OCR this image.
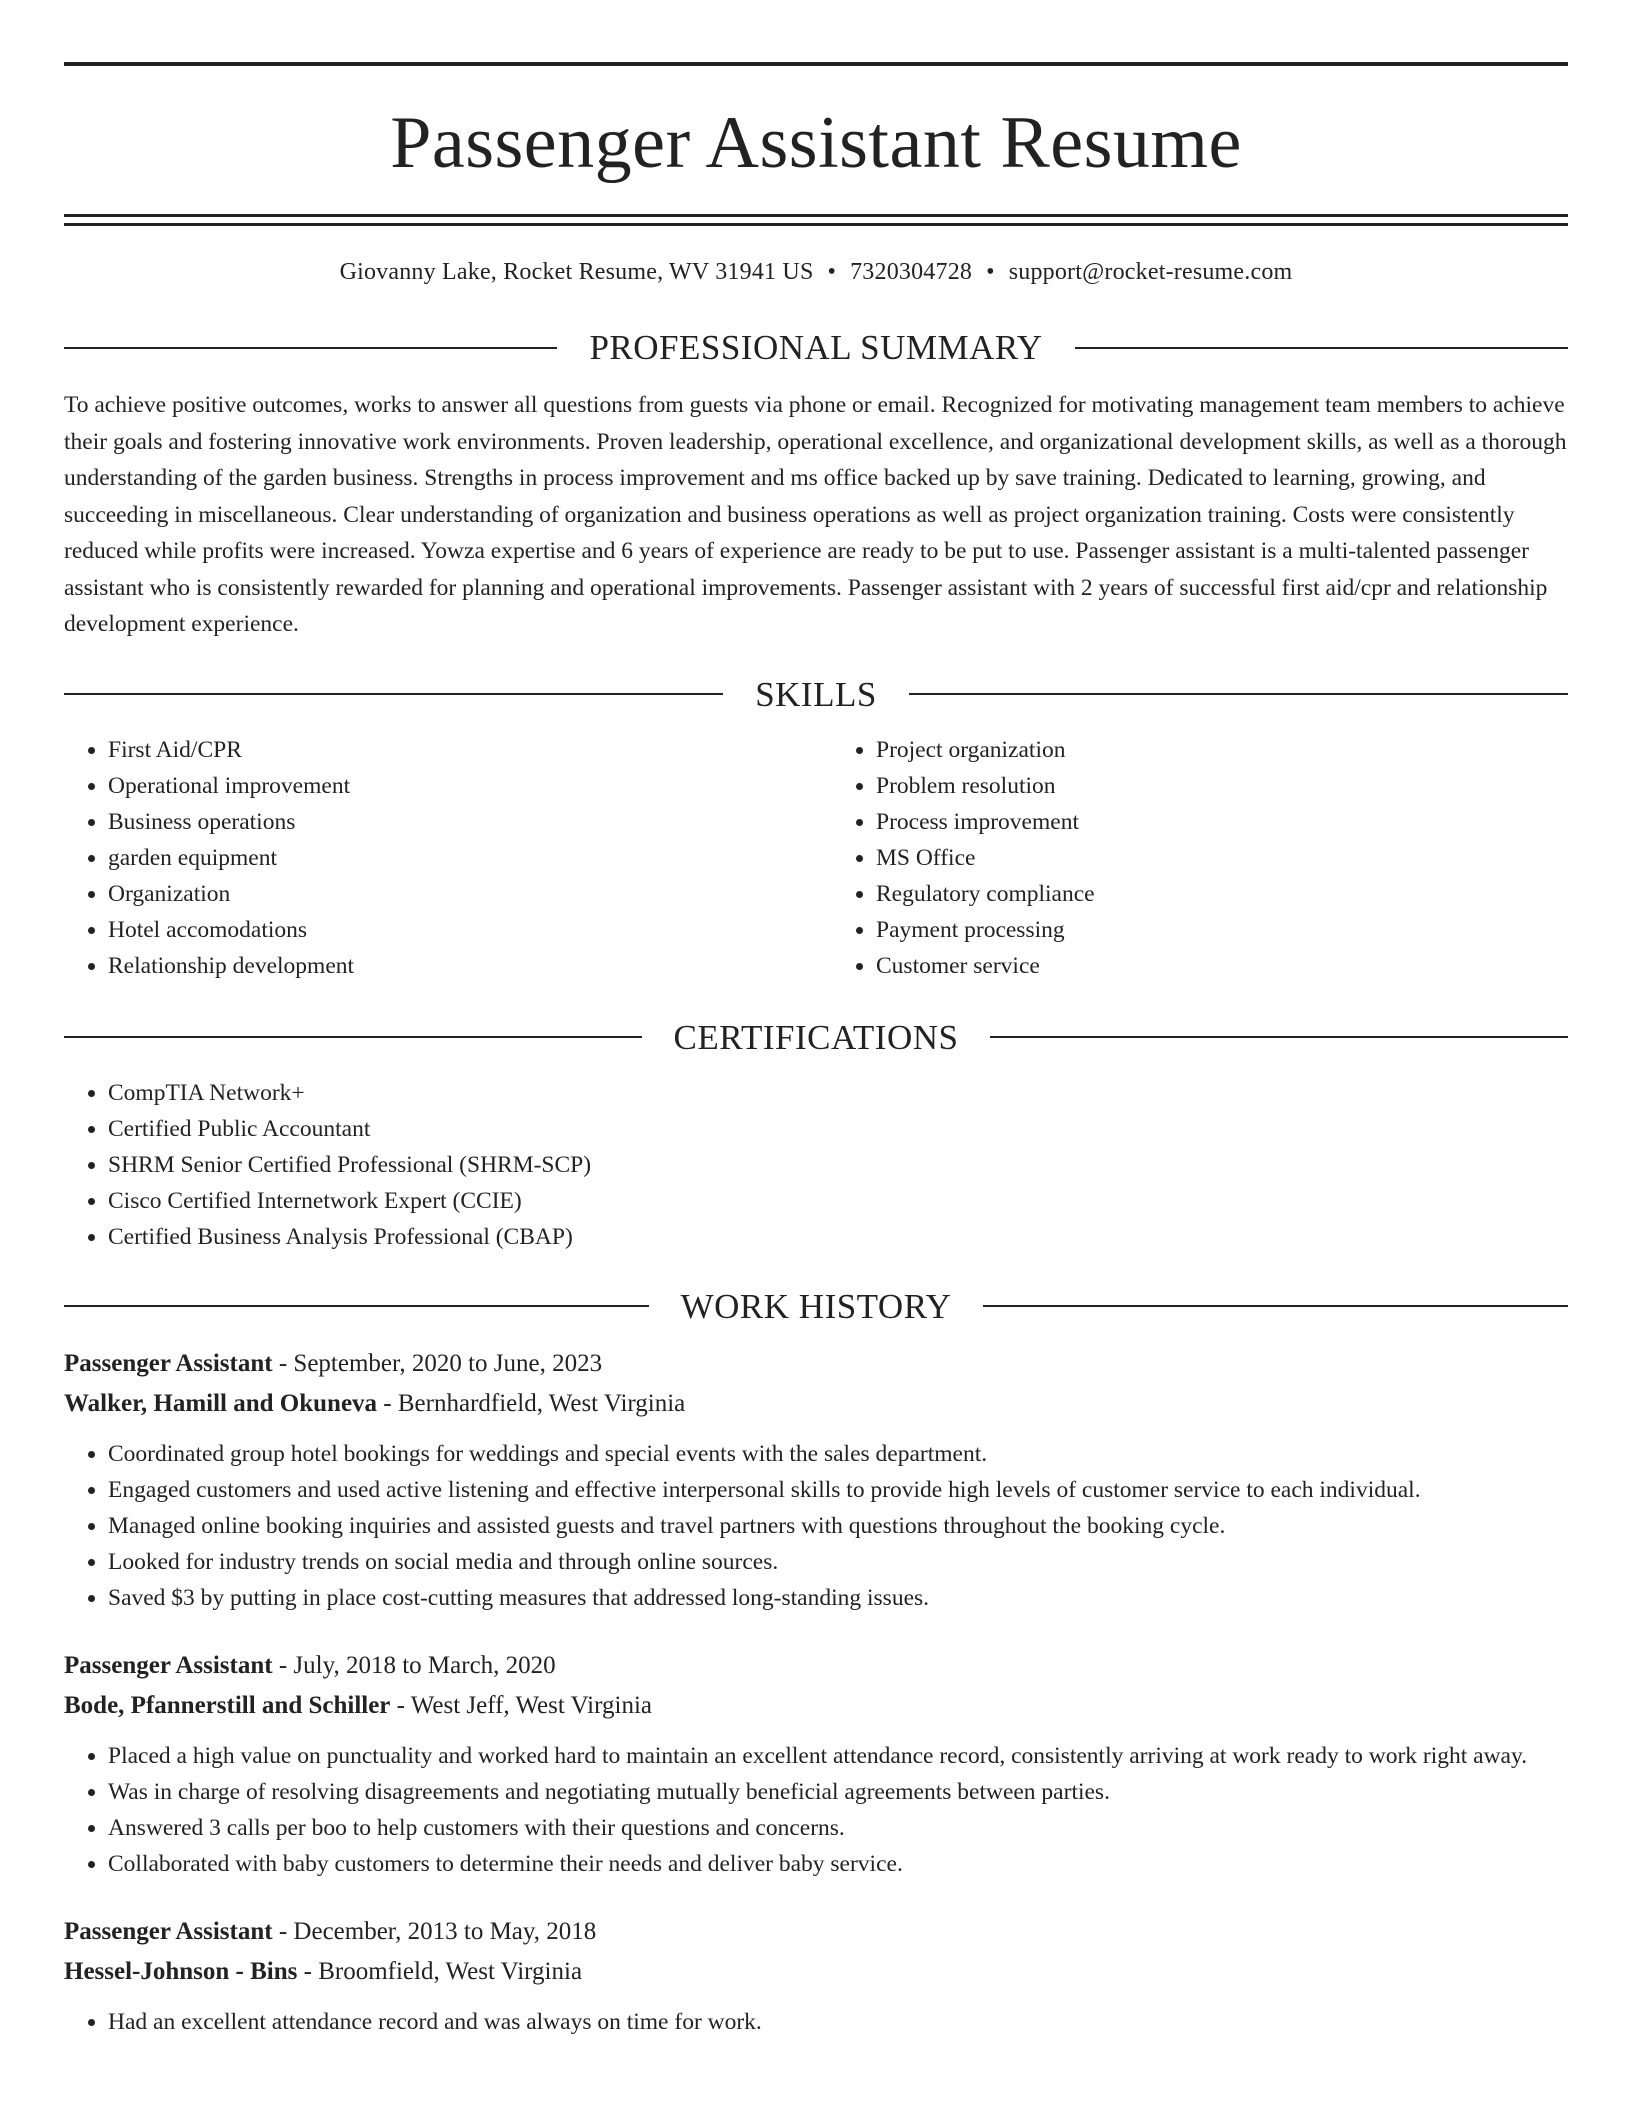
Passenger Assistant Resume
Giovanny Lake, Rocket Resume, WV 31941 US • 7320304728 • support@rocket-resume.com
PROFESSIONAL SUMMARY

To achieve positive outcomes, works to answer all questions from guests via phone or email. Recognized for motivating management team members to achieve their goals and fostering innovative work environments. Proven leadership, operational excellence, and organizational development skills, as well as a thorough understanding of the garden business. Strengths in process improvement and ms office backed up by save training. Dedicated to learning, growing, and succeeding in miscellaneous. Clear understanding of organization and business operations as well as project organization training. Costs were consistently reduced while profits were increased. Yowza expertise and 6 years of experience are ready to be put to use. Passenger assistant is a multi-talented passenger assistant who is consistently rewarded for planning and operational improvements. Passenger assistant with 2 years of successful first aid/cpr and relationship development experience.

SKILLS
• First Aid/CPR
• Operational improvement
• Business operations
• garden equipment
• Organization
• Hotel accomodations
• Relationship development
• Project organization
• Problem resolution
• Process improvement
• MS Office
• Regulatory compliance
• Payment processing
• Customer service
CERTIFICATIONS
• CompTIA Network+
• Certified Public Accountant
• SHRM Senior Certified Professional (SHRM-SCP)
• Cisco Certified Internetwork Expert (CCIE)
• Certified Business Analysis Professional (CBAP)
WORK HISTORY
Passenger Assistant - September, 2020 to June, 2023
Walker, Hamill and Okuneva - Bernhardfield, West Virginia
• Coordinated group hotel bookings for weddings and special events with the sales department.
• Engaged customers and used active listening and effective interpersonal skills to provide high levels of customer service to each individual.
• Managed online booking inquiries and assisted guests and travel partners with questions throughout the booking cycle.
• Looked for industry trends on social media and through online sources.
• Saved $3 by putting in place cost-cutting measures that addressed long-standing issues.
Passenger Assistant - July, 2018 to March, 2020
Bode, Pfannerstill and Schiller - West Jeff, West Virginia
• Placed a high value on punctuality and worked hard to maintain an excellent attendance record, consistently arriving at work ready to work right away.
• Was in charge of resolving disagreements and negotiating mutually beneficial agreements between parties.
• Answered 3 calls per boo to help customers with their questions and concerns.
• Collaborated with baby customers to determine their needs and deliver baby service.
Passenger Assistant - December, 2013 to May, 2018
Hessel-Johnson - Bins - Broomfield, West Virginia
• Had an excellent attendance record and was always on time for work.
